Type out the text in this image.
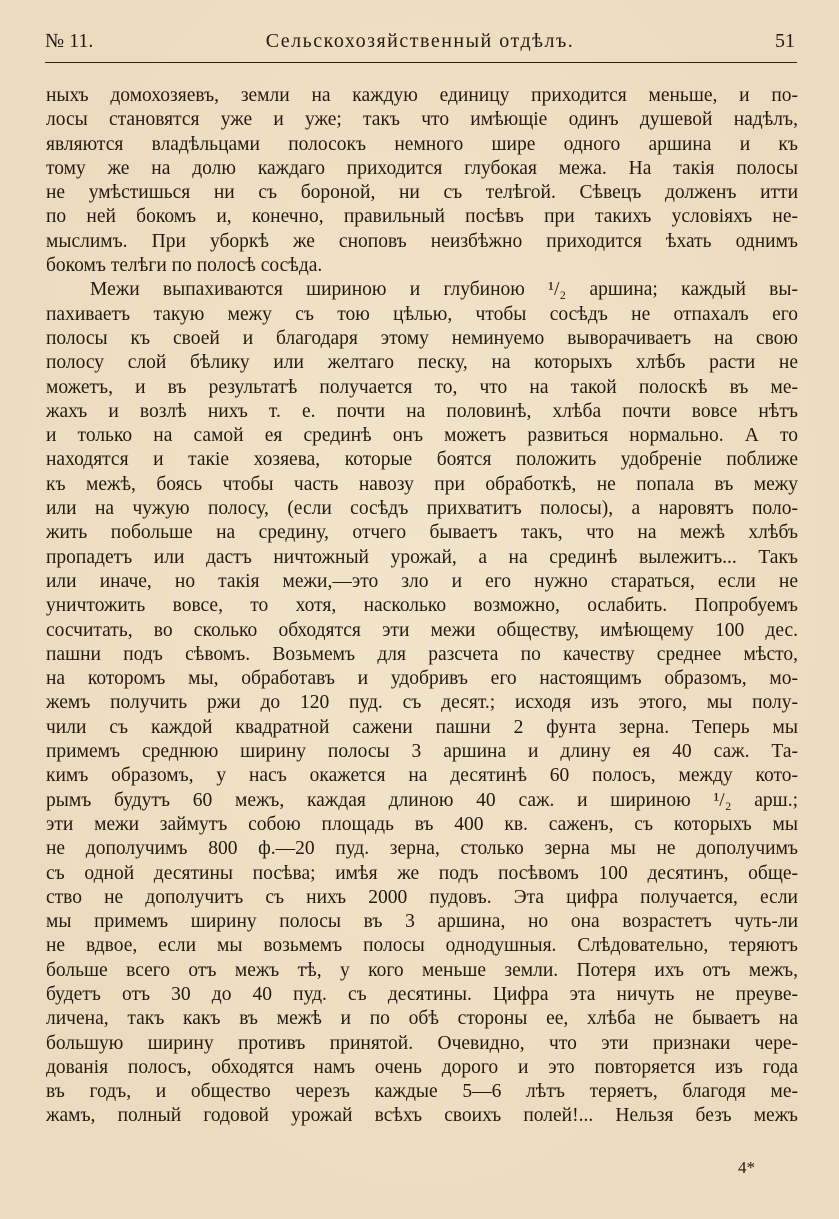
№ 11.	Сельскохозяйственный отдѣлъ.	51
ныхъ домохозяевъ, земли на каждую единицу приходится меньше, и по-
лосы становятся уже и уже; такъ что имѣющіе одинъ душевой надѣлъ,
являются владѣльцами полосокъ немного шире одного аршина и къ
тому же на долю каждаго приходится глубокая межа. На такія полосы
не умѣстишься ни съ бороной, ни съ телѣгой. Сѣвецъ долженъ итти
по ней бокомъ и, конечно, правильный посѣвъ при такихъ условіяхъ не-
мыслимъ. При уборкѣ же сноповъ неизбѣжно приходится ѣхать однимъ
бокомъ телѣги по полосѣ сосѣда.
Межи выпахиваются шириною и глубиною ¹/₂ аршина; каждый вы-
пахиваетъ такую межу съ тою цѣлью, чтобы сосѣдъ не отпахалъ его
полосы къ своей и благодаря этому неминуемо выворачиваетъ на свою
полосу слой бѣлику или желтаго песку, на которыхъ хлѣбъ расти не
можетъ, и въ результатѣ получается то, что на такой полоскѣ въ ме-
жахъ и возлѣ нихъ т. е. почти на половинѣ, хлѣба почти вовсе нѣтъ
и только на самой ея срединѣ онъ можетъ развиться нормально. А то
находятся и такіе хозяева, которые боятся положить удобреніе поближе
къ межѣ, боясь чтобы часть навозу при обработкѣ, не попала въ межу
или на чужую полосу, (если сосѣдъ прихватитъ полосы), а наровятъ поло-
жить побольше на средину, отчего бываетъ такъ, что на межѣ хлѣбъ
пропадетъ или дастъ ничтожный урожай, а на срединѣ вылежитъ... Такъ
или иначе, но такія межи,—это зло и его нужно стараться, если не
уничтожить вовсе, то хотя, насколько возможно, ослабить. Попробуемъ
сосчитать, во сколько обходятся эти межи обществу, имѣющему 100 дес.
пашни подъ сѣвомъ. Возьмемъ для разсчета по качеству среднее мѣсто,
на которомъ мы, обработавъ и удобривъ его настоящимъ образомъ, мо-
жемъ получить ржи до 120 пуд. съ десят.; исходя изъ этого, мы полу-
чили съ каждой квадратной сажени пашни 2 фунта зерна. Теперь мы
примемъ среднюю ширину полосы 3 аршина и длину ея 40 саж. Та-
кимъ образомъ, у насъ окажется на десятинѣ 60 полосъ, между кото-
рымъ будутъ 60 межъ, каждая длиною 40 саж. и шириною ¹/₂ арш.;
эти межи займутъ собою площадь въ 400 кв. саженъ, съ которыхъ мы
не дополучимъ 800 ф.—20 пуд. зерна, столько зерна мы не дополучимъ
съ одной десятины посѣва; имѣя же подъ посѣвомъ 100 десятинъ, обще-
ство не дополучитъ съ нихъ 2000 пудовъ. Эта цифра получается, если
мы примемъ ширину полосы въ 3 аршина, но она возрастетъ чуть-ли
не вдвое, если мы возьмемъ полосы однодушныя. Слѣдовательно, теряютъ
больше всего отъ межъ тѣ, у кого меньше земли. Потеря ихъ отъ межъ,
будетъ отъ 30 до 40 пуд. съ десятины. Цифра эта ничуть не преуве-
личена, такъ какъ въ межѣ и по обѣ стороны ее, хлѣба не бываетъ на
большую ширину противъ принятой. Очевидно, что эти признаки чере-
дованія полосъ, обходятся намъ очень дорого и это повторяется изъ года
въ годъ, и общество черезъ каждые 5—6 лѣтъ теряетъ, благодя ме-
жамъ, полный годовой урожай всѣхъ своихъ полей!... Нельзя безъ межъ
4*
